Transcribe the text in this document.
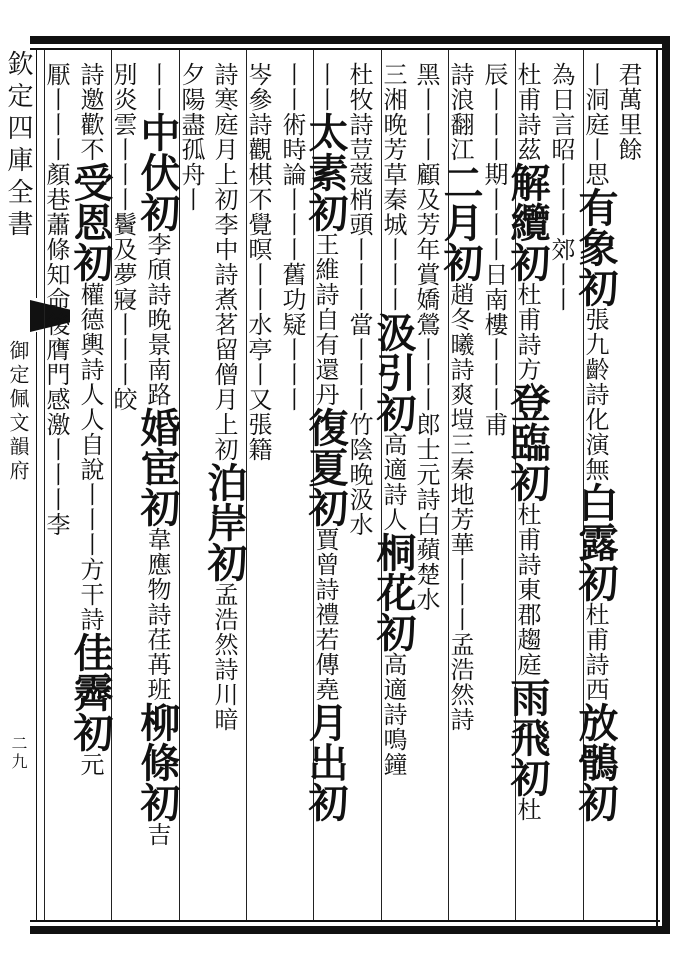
欽定四庫全書
御定佩文韻府
二九
君萬里餘
丨洞庭丨思有象初張九齡詩化演無白露初杜甫詩西放鶻初
為日言昭丨丨丨郊丨丨
杜甫詩茲解纜初杜甫詩方登臨初杜甫詩東郡趨庭雨飛初杜
辰丨丨丨期丨丨丨日南樓丨丨丨甫
詩浪翻江二月初趙冬曦詩爽塏三秦地芳華丨丨丨孟浩然詩
黑丨丨丨顧及芳年賞嬌鶯丨丨丨郎士元詩白蘋楚水
三湘晚芳草秦城丨丨丨汲引初高適詩人桐花初高適詩鳴鐘
杜牧詩荳蔻梢頭丨丨丨當丨丨丨竹陰晚汲水
丨丨太素初王維詩自有還丹復夏初賈曾詩禮若傳堯月出初
丨丨術時論丨丨丨舊功疑丨丨丨
岑參詩觀棋不覺暝丨丨水亭丨又張籍
詩寒庭月上初李中詩煮茗留僧月上初泊岸初孟浩然詩川暗
夕陽盡孤舟丨
丨丨中伏初李頎詩晚景南路婚宦初韋應物詩荏苒班柳條初吉
別炎雲丨丨丨鬢及夢寢丨丨丨皎
詩邀歡不受恩初權德輿詩人人自說丨丨丨方干詩佳霽初元
厭丨丨丨顏巷蕭條知命後膺門感激丨丨丨李
